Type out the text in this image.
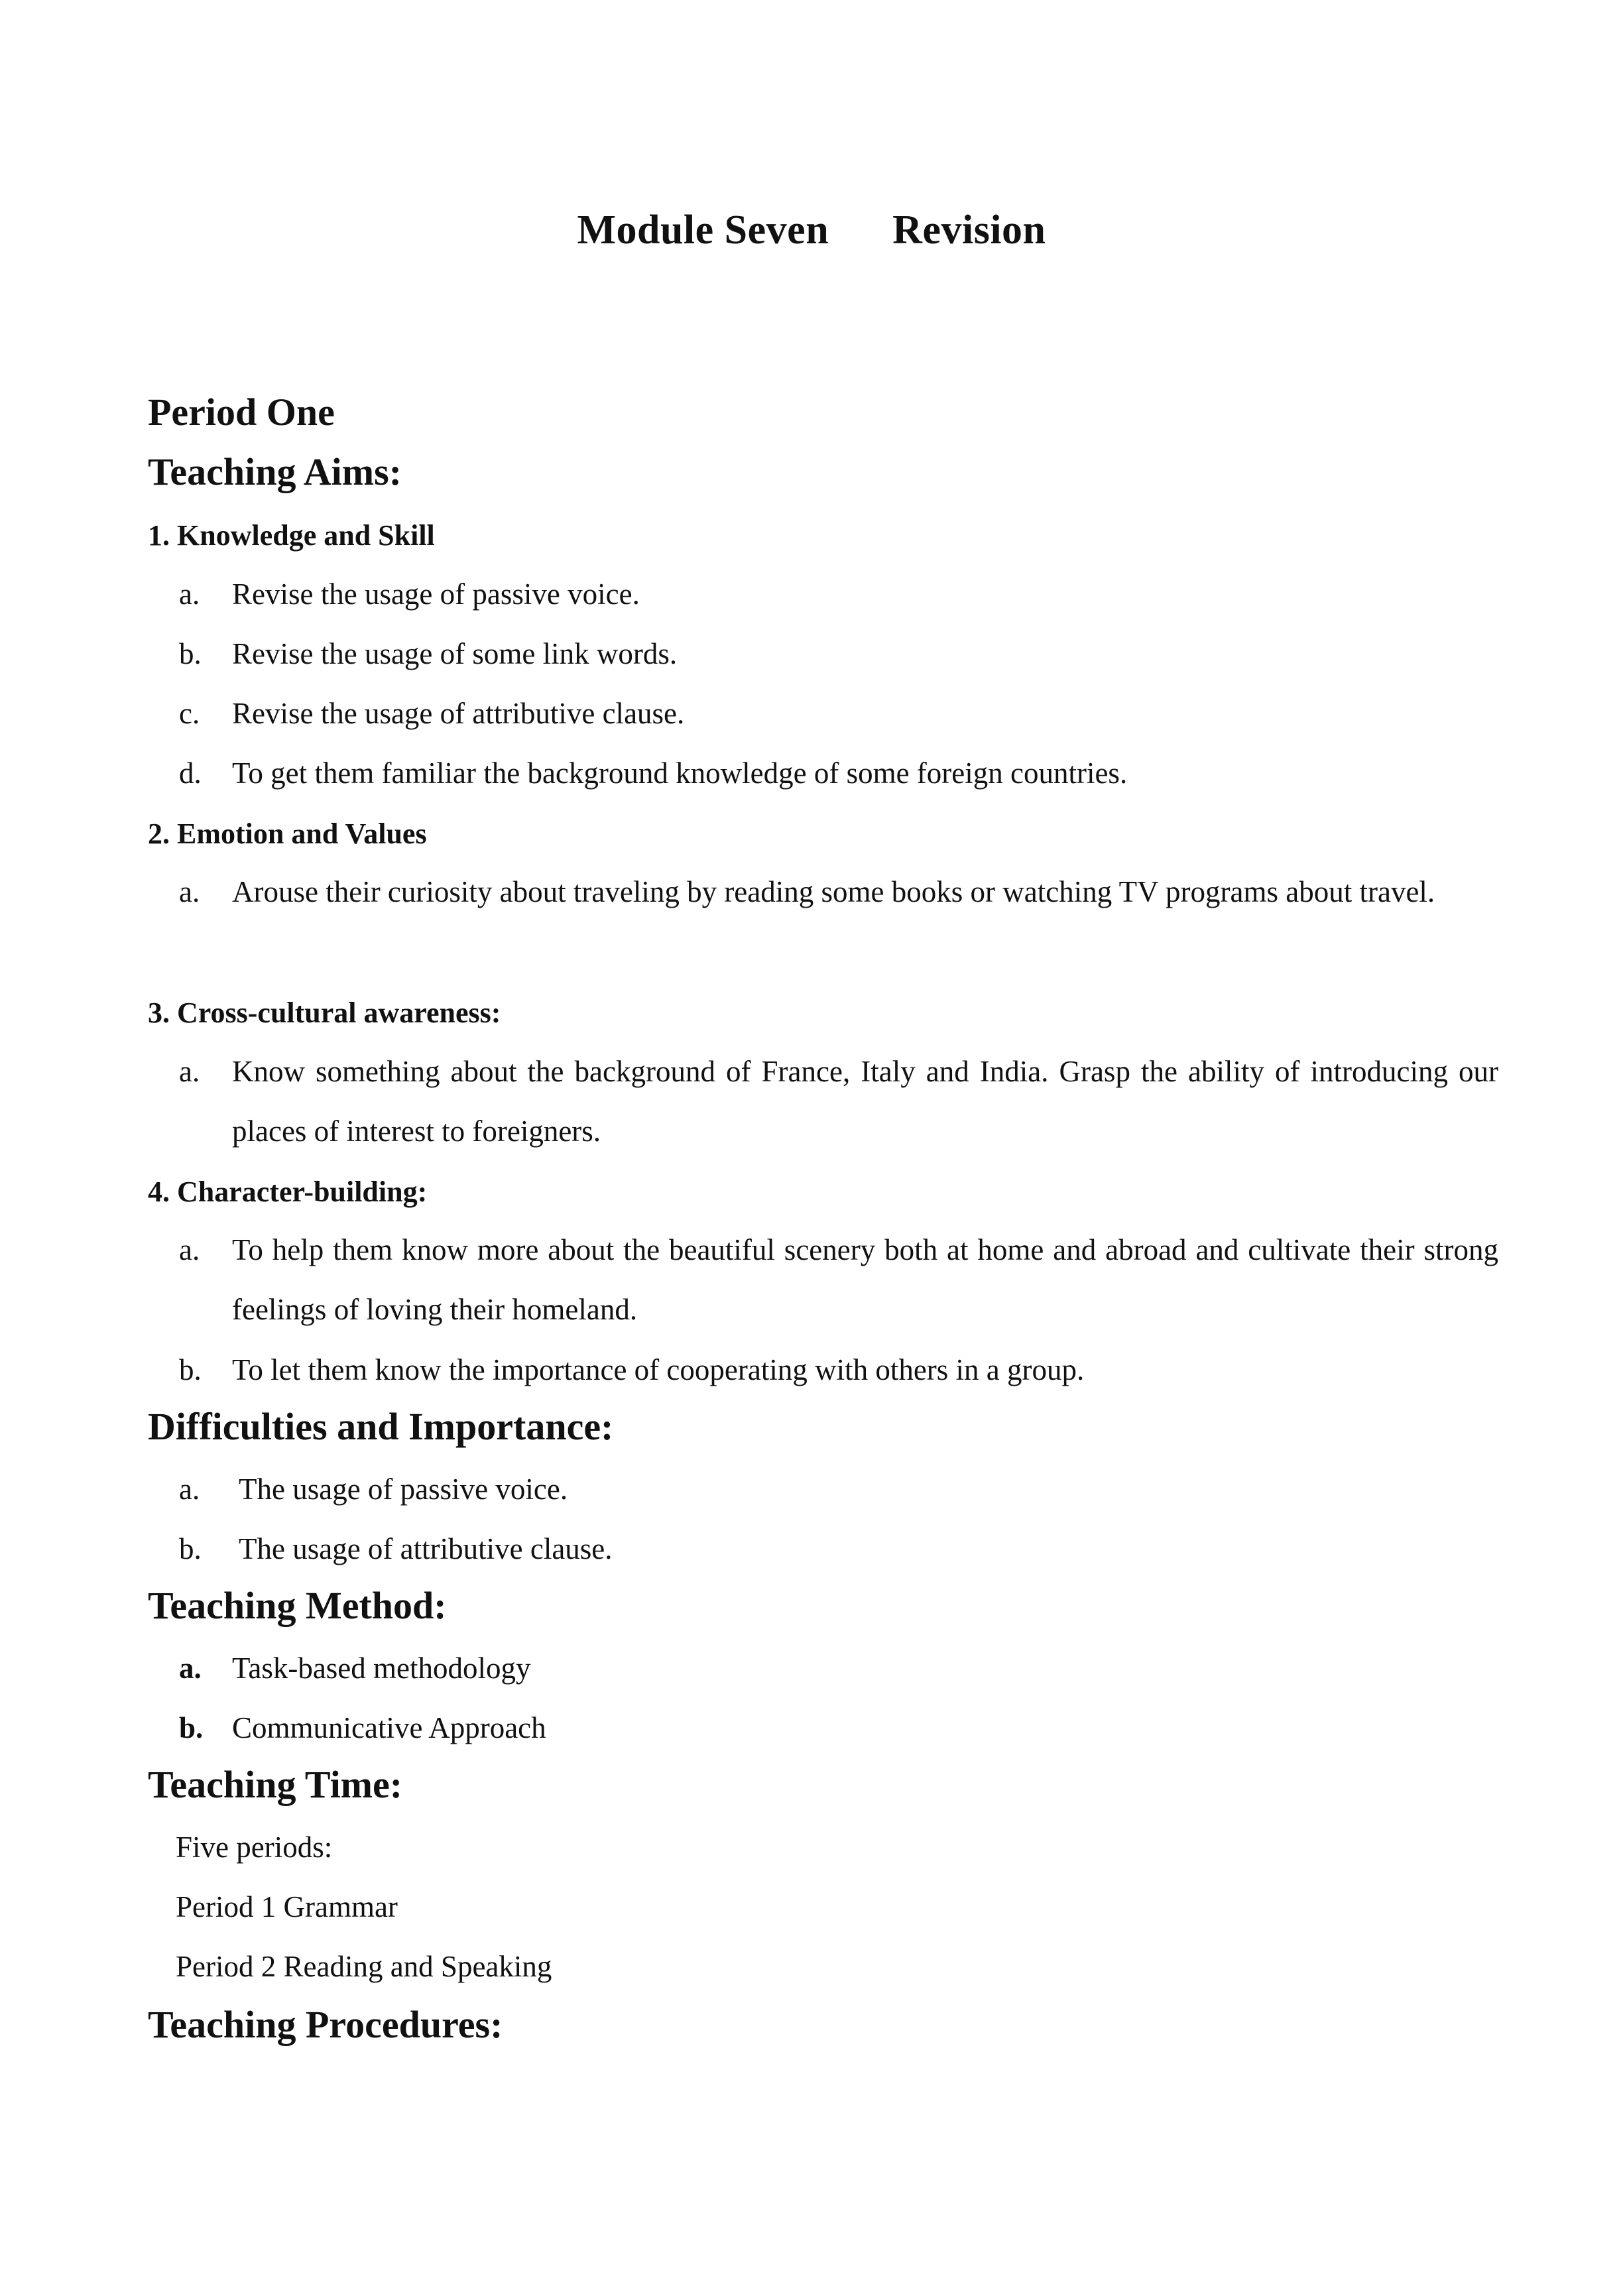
Module Seven      Revision
Period One
Teaching Aims:
1. Knowledge and Skill
a. Revise the usage of passive voice.
b. Revise the usage of some link words.
c. Revise the usage of attributive clause.
d. To get them familiar the background knowledge of some foreign countries.
2. Emotion and Values
a. Arouse their curiosity about traveling by reading some books or watching TV programs about travel.
3. Cross-cultural awareness:
a. Know something about the background of France, Italy and India. Grasp the ability of introducing our places of interest to foreigners.
4. Character-building:
a. To help them know more about the beautiful scenery both at home and abroad and cultivate their strong feelings of loving their homeland.
b. To let them know the importance of cooperating with others in a group.
Difficulties and Importance:
a. The usage of passive voice.
b. The usage of attributive clause.
Teaching Method:
a. Task-based methodology
b. Communicative Approach
Teaching Time:
Five periods:
Period 1 Grammar
Period 2 Reading and Speaking
Teaching Procedures:
